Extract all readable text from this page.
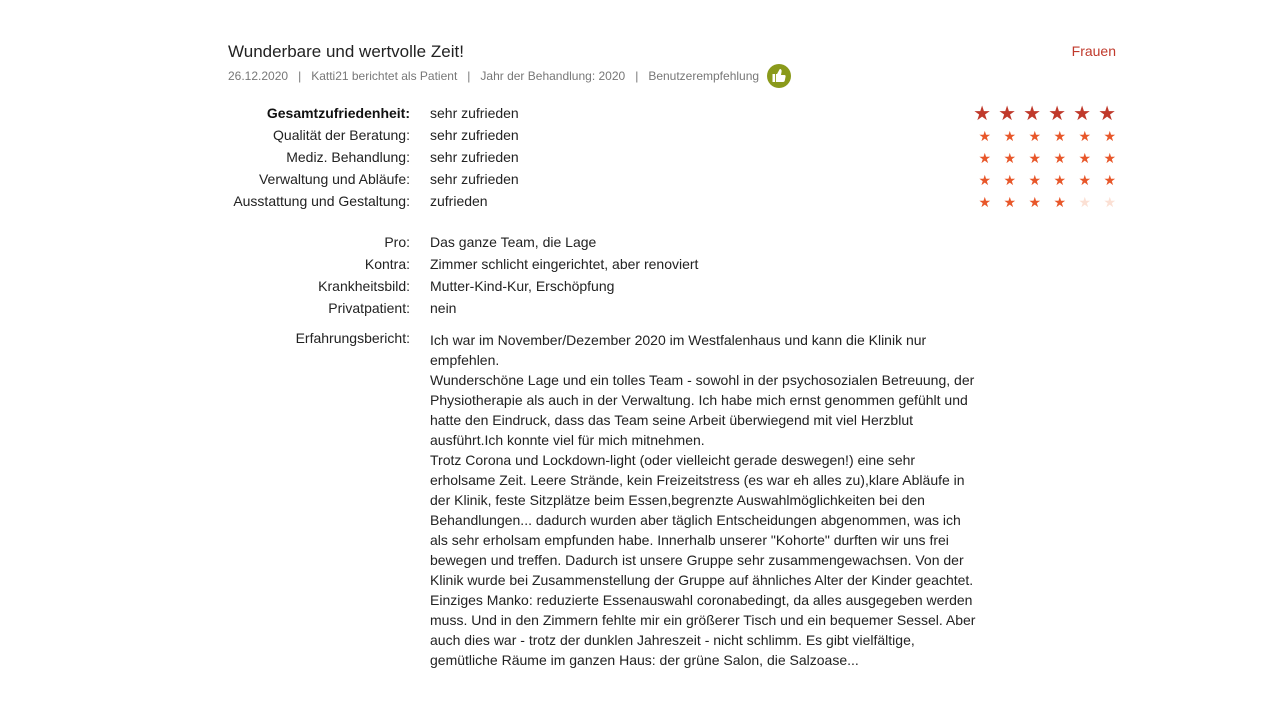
Wunderbare und wertvolle Zeit!	Frauen
26.12.2020 | Katti21 berichtet als Patient | Jahr der Behandlung: 2020 | Benutzerempfehlung
Gesamtzufriedenheit: sehr zufrieden	★ ★ ★ ★ ★ ★
Qualität der Beratung: sehr zufrieden	★ ★ ★ ★ ★ ★
Mediz. Behandlung: sehr zufrieden	★ ★ ★ ★ ★ ★
Verwaltung und Abläufe: sehr zufrieden	★ ★ ★ ★ ★ ★
Ausstattung und Gestaltung: zufrieden	★ ★ ★ ★ ★ ★
Pro: Das ganze Team, die Lage
Kontra: Zimmer schlicht eingerichtet, aber renoviert
Krankheitsbild: Mutter-Kind-Kur, Erschöpfung
Privatpatient: nein
Erfahrungsbericht: Ich war im November/Dezember 2020 im Westfalenhaus und kann die Klinik nur empfehlen.

Wunderschöne Lage und ein tolles Team - sowohl in der psychosozialen Betreuung, der Physiotherapie als auch in der Verwaltung. Ich habe mich ernst genommen gefühlt und hatte den Eindruck, dass das Team seine Arbeit überwiegend mit viel Herzblut ausführt.Ich konnte viel für mich mitnehmen.

Trotz Corona und Lockdown-light (oder vielleicht gerade deswegen!) eine sehr erholsame Zeit. Leere Strände, kein Freizeitstress (es war eh alles zu),klare Abläufe in der Klinik, feste Sitzplätze beim Essen,begrenzte Auswahlmöglichkeiten bei den Behandlungen... dadurch wurden aber täglich Entscheidungen abgenommen, was ich als sehr erholsam empfunden habe. Innerhalb unserer "Kohorte" durften wir uns frei bewegen und treffen. Dadurch ist unsere Gruppe sehr zusammengewachsen. Von der Klinik wurde bei Zusammenstellung der Gruppe auf ähnliches Alter der Kinder geachtet.

Einziges Manko: reduzierte Essenauswahl coronabedingt, da alles ausgegeben werden muss. Und in den Zimmern fehlte mir ein größerer Tisch und ein bequemer Sessel. Aber auch dies war - trotz der dunklen Jahreszeit - nicht schlimm. Es gibt vielfältige, gemütliche Räume im ganzen Haus: der grüne Salon, die Salzoase...
